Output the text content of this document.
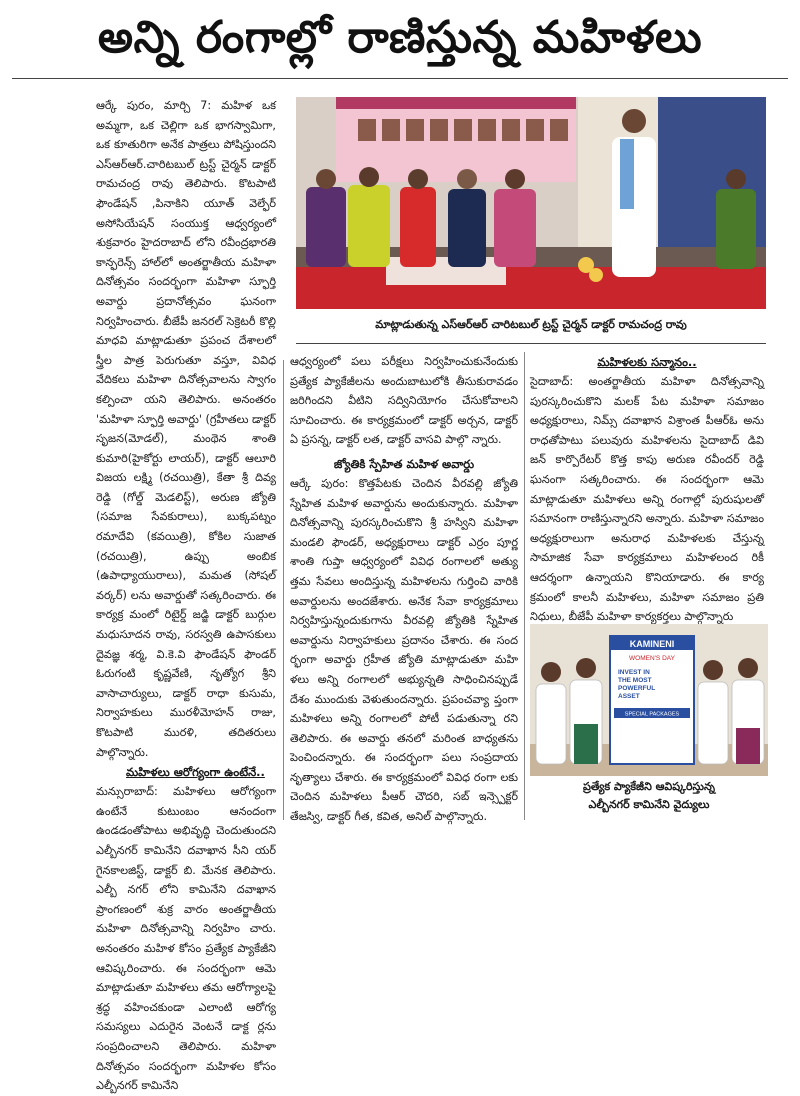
అన్ని రంగాల్లో రాణిస్తున్న మహిళలు

ఆర్కే పురం, మార్చి 7: మహిళ ఒక అమ్మగా, ఒక చెల్లిగా ఒక భాగస్వామిగా, ఒక కూతురిగా అనేక పాత్రలు పోషిస్తుందని ఎస్ఆర్ఆర్.చారిటబుల్ ట్రస్ట్ చైర్మన్ డాక్టర్ రామచంద్ర రావు తెలిపారు. కొటపాటి ఫౌండేషన్ ,పినాకిని యూత్ వెల్ఫేర్ అసోసియేషన్ సంయుక్త ఆధ్వర్యంలో శుక్రవారం హైదరాబాద్ లోని రవీంద్రభారతి కాన్ఫరెన్స్ హాల్‌లో అంతర్జాతీయ మహిళా దినోత్సవం సందర్భంగా మహిళా స్ఫూర్తి అవార్డు ప్రదానోత్సవం ఘనంగా నిర్వహించారు. బీజేపీ జనరల్ సెక్రెటరీ కొల్లి మాధవి మాట్లాడుతూ ప్రపంచ దేశాలలో స్త్రీల పాత్ర పెరుగుతూ వస్తూ, వివిధ వేదికలు మహిళా దినోత్సవాలను స్వాగం కల్పించా యని తెలిపారు. అనంతరం 'మహిళా స్ఫూర్తి అవార్డు' (గ్రహీతలు డాక్టర్ సృజన(మోడల్), మంథెన శాంతి కుమారి(హైకోర్టు లాయర్), డాక్టర్ ఆలూరి విజయ లక్ష్మి (రచయిత్రి), కేతా శ్రీ దివ్య రెడ్డి (గోల్డ్ మెడలిస్ట్), అరుణ జ్యోతి (సమాజ సేవకురాలు), బుక్కపట్నం రమాదేవి (కవయిత్రి), కోకిల సుజాత (రచయిత్రి), ఉప్పు అంబిక (ఉపాధ్యాయురాలు), మమత (సోషల్ వర్కర్) లను అవార్డుతో సత్కరించారు. ఈ కార్యక్ర మంలో రిటైర్డ్ జడ్జి డాక్టర్ బుర్గుల మధుసూదన రావు, సరస్వతి ఉపాసకులు దైవజ్ఞ శర్మ, వి.కె.వి ఫౌండేషన్ ఫౌండర్ ఓరుగంటి కృష్ణవేణి, నృత్యోగ శ్రీని వాసాచార్యులు, డాక్టర్ రాధా కుసుమ, నిర్వాహకులు మురళీమోహన్ రాజు, కొటపాటి మురళి, తదితరులు పాల్గొన్నారు.

మహిళలు ఆరోగ్యంగా ఉంటేనే..

మన్సురాబాద్: మహిళలు ఆరోగ్యంగా ఉంటేనే కుటుంబం ఆనందంగా ఉండడంతోపాటు అభివృద్ధి చెందుతుందని ఎల్బీనగర్ కామినేని దవాఖాన సీని యర్ గైనకాలజిస్ట్, డాక్టర్ బి. మేనక తెలిపారు. ఎల్బీ నగర్ లోని కామినేని దవాఖాన ప్రాంగణంలో శుక్ర వారం అంతర్జాతీయ మహిళా దినోత్సవాన్ని నిర్వహిం చారు. అనంతరం మహిళ కోసం ప్రత్యేక ప్యాకేజీని ఆవిష్కరించారు. ఈ సందర్భంగా ఆమె మాట్లాడుతూ మహిళలు తమ ఆరోగ్యాలపై శ్రద్ధ వహించకుండా ఎలాంటి ఆరోగ్య సమస్యలు ఎదురైన వెంటనే డాక్ట ర్లను సంప్రదించాలని తెలిపారు. మహిళా దినోత్సవం సందర్భంగా మహిళల కోసం ఎల్బీనగర్ కామినేని

మాట్లాడుతున్న ఎస్ఆర్ఆర్ చారిటబుల్ ట్రస్ట్ చైర్మన్ డాక్టర్ రామచంద్ర రావు

ఆధ్వర్యంలో పలు పరీక్షలు నిర్వహించుకునేందుకు ప్రత్యేక ప్యాకేజీలను అందుబాటులోకి తీసుకురావడం జరిగిందని వీటిని సద్వినియోగం చేసుకోవాలని సూచించారు. ఈ కార్యక్రమంలో డాక్టర్ అర్చన, డాక్టర్ ఏ ప్రసన్న, డాక్టర్ లత, డాక్టర్ వాసవి పాల్గొ న్నారు.

జ్యోతికి స్పేహిత మహిళ అవార్డు

ఆర్కే పురం: కొత్తపేటకు చెందిన వీరవల్లి జ్యోతి స్నేహిత మహిళ అవార్డును అందుకున్నారు. మహిళా దినోత్సవాన్ని పురస్కరించుకొని శ్రీ హస్విని మహిళా మండలి ఫౌండర్, అధ్యక్షురాలు డాక్టర్ ఎర్రం పూర్ణ శాంతి గుప్తా ఆధ్వర్యంలో వివిధ రంగాలలో అత్యు త్తమ సేవలు అందిస్తున్న మహిళలను గుర్తించి వారికి అవార్డులను అందజేశారు. అనేక సేవా కార్యక్రమాలు నిర్వహిస్తున్నందుకుగాను వీరవల్లి జ్యోతికి స్నేహిత అవార్డును నిర్వాహకులు ప్రదానం చేశారు. ఈ సంద ర్భంగా అవార్డు గ్రహీత జ్యోతి మాట్లాడుతూ మహి ళలు అన్ని రంగాలలో అభ్యున్నతి సాధించినప్పుడే దేశం ముందుకు వెళుతుందన్నారు. ప్రపంచవ్యా ప్తంగా మహిళలు అన్ని రంగాలలో పోటీ పడుతున్నా రని తెలిపారు. ఈ అవార్డు తనలో మరింత బాధ్యతను పెంచిందన్నారు. ఈ సందర్భంగా పలు సంప్రదాయ నృత్యాలు చేశారు. ఈ కార్యక్రమంలో వివిధ రంగా లకు చెందిన మహిళలు పీఆర్ చౌదరి, సబ్ ఇన్స్పెక్టర్ తేజస్వి, డాక్టర్ గీత, కవిత, అనిల్ పాల్గొన్నారు.

మహిళలకు సన్మానం..

సైదాబాద్: అంతర్జాతీయ మహిళా దినోత్సవాన్ని పురస్కరించుకొని మలక్ పేట మహిళా సమాజం అధ్యక్షురాలు, నిమ్స్ దవాఖాన విశ్రాంత పీఆర్ఓ అను రాధతోపాటు పలువురు మహిళలను సైదాబాద్ డివి జన్ కార్పొరేటర్ కొత్త కాపు అరుణ రవీందర్ రెడ్డి ఘనంగా సత్కరించారు. ఈ సందర్భంగా ఆమె మాట్లాడుతూ మహిళలు అన్ని రంగాల్లో పురుషులతో సమానంగా రాణిస్తున్నారని అన్నారు. మహిళా సమాజం అధ్యక్షురాలుగా అనురాధ మహిళలకు చేస్తున్న సామాజిక సేవా కార్యక్రమాలు మహిళలంద రికీ ఆదర్శంగా ఉన్నాయని కొనియాడారు. ఈ కార్య క్రమంలో కాలనీ మహిళలు, మహిళా సమాజం ప్రతి నిధులు, బీజేపీ మహిళా కార్యకర్తలు పాల్గొన్నారు

KAMINENI
WOMEN'S DAY
INVEST IN
THE MOST
POWERFUL
ASSET
SPECIAL PACKAGES
ప్రత్యేక ప్యాకేజీని ఆవిష్కరిస్తున్న
ఎల్బీనగర్ కామినేని వైద్యులు
